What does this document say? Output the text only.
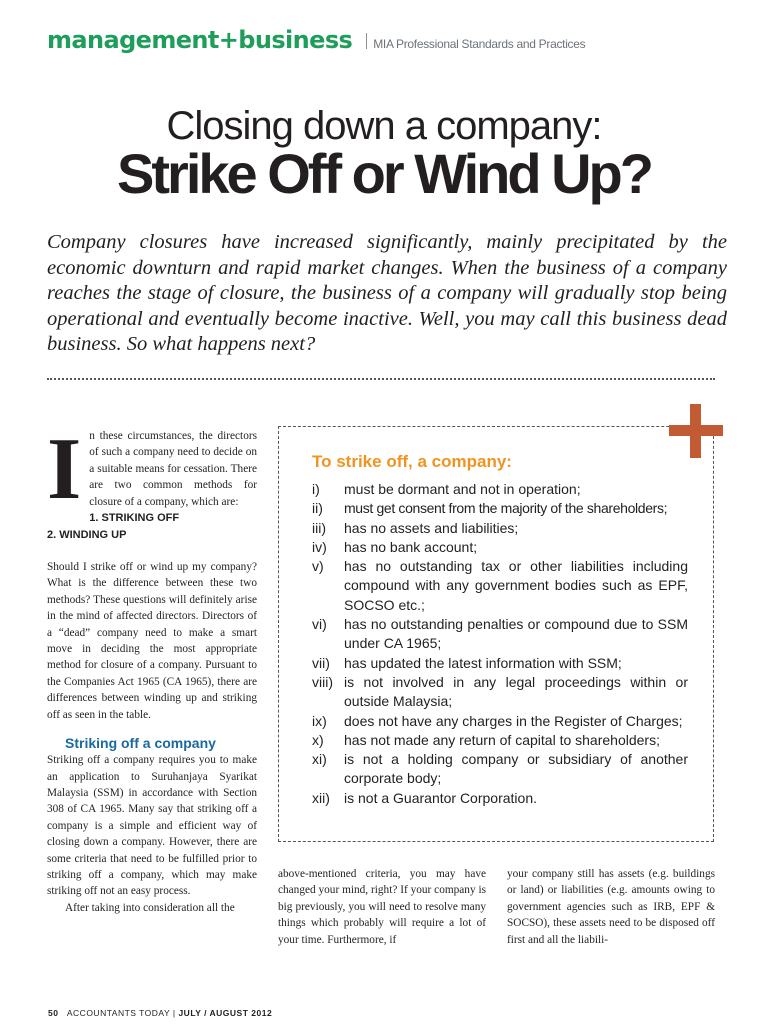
management+business MIA Professional Standards and Practices
Closing down a company:
Strike Off or Wind Up?
Company closures have increased significantly, mainly precipitated by the economic downturn and rapid market changes. When the business of a company reaches the stage of closure, the business of a company will gradually stop being operational and eventually become inactive. Well, you may call this business dead business. So what happens next?

In these circumstances, the directors of such a company need to decide on a suitable means for cessation. There are two common methods for closure of a company, which are:

1. STRIKING OFF
2. WINDING UP

Should I strike off or wind up my company? What is the difference between these two methods? These questions will definitely arise in the mind of affected directors. Directors of a “dead” company need to make a smart move in deciding the most appropriate method for closure of a company. Pursuant to the Companies Act 1965 (CA 1965), there are differences between winding up and striking off as seen in the table.

Striking off a company

Striking off a company requires you to make an application to Suruhanjaya Syarikat Malaysia (SSM) in accordance with Section 308 of CA 1965. Many say that striking off a company is a simple and efficient way of closing down a company. However, there are some criteria that need to be fulfilled prior to striking off a company, which may make striking off not an easy process.

After taking into consideration all the

To strike off, a company:
i)	must be dormant and not in operation;
ii)	must get consent from the majority of the shareholders;
iii)	has no assets and liabilities;
iv)	has no bank account;
v)	has no outstanding tax or other liabilities including compound with any government bodies such as EPF, SOCSO etc.;
vi)	has no outstanding penalties or compound due to SSM under CA 1965;
vii)	has updated the latest information with SSM;
viii) is not involved in any legal proceedings within or outside Malaysia;
ix)	does not have any charges in the Register of Charges;
x)	has not made any return of capital to shareholders;
xi)	is not a holding company or subsidiary of another corporate body;
xii)	is not a Guarantor Corporation.

above-mentioned criteria, you may have changed your mind, right? If your company is big previously, you will need to resolve many things which probably will require a lot of your time. Furthermore, if

your company still has assets (e.g. buildings or land) or liabilities (e.g. amounts owing to government agencies such as IRB, EPF & SOCSO), these assets need to be disposed off first and all the liabili-

50 ACCOUNTANTS TODAY | JULY / AUGUST 2012
